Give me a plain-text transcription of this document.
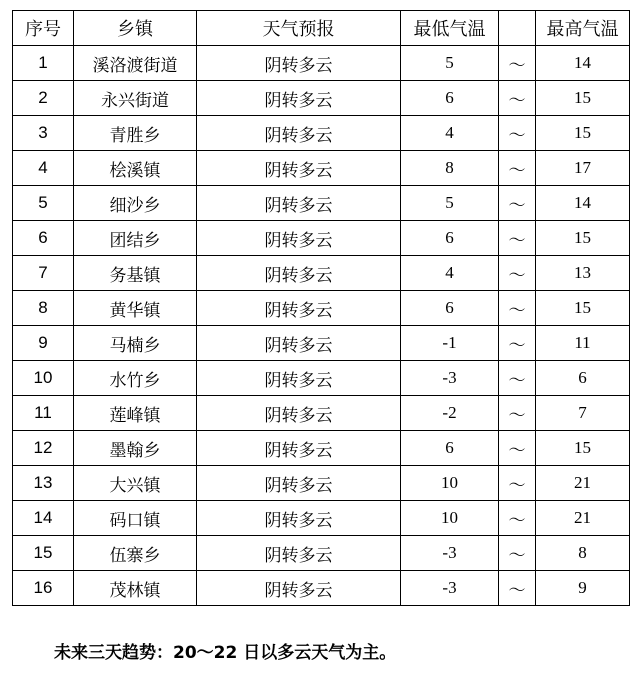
序号	乡镇	天气预报	最低气温		最高气温
1	溪洛渡街道	阴转多云	5	～	14
2	永兴街道	阴转多云	6	～	15
3	青胜乡	阴转多云	4	～	15
4	桧溪镇	阴转多云	8	～	17
5	细沙乡	阴转多云	5	～	14
6	团结乡	阴转多云	6	～	15
7	务基镇	阴转多云	4	～	13
8	黄华镇	阴转多云	6	～	15
9	马楠乡	阴转多云	-1	～	11
10	水竹乡	阴转多云	-3	～	6
11	莲峰镇	阴转多云	-2	～	7
12	墨翰乡	阴转多云	6	～	15
13	大兴镇	阴转多云	10	～	21
14	码口镇	阴转多云	10	～	21
15	伍寨乡	阴转多云	-3	～	8
16	茂林镇	阴转多云	-3	～	9
未来三天趋势：20～22 日以多云天气为主。
